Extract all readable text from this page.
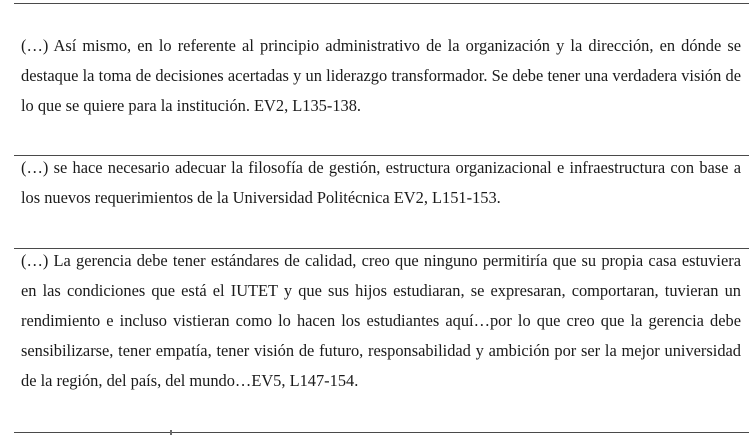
(…) Así mismo, en lo referente al principio administrativo de la organización y la dirección, en dónde se destaque la toma de decisiones acertadas y un liderazgo transformador. Se debe tener una verdadera visión de lo que se quiere para la institución. EV2, L135-138.

(…) se hace necesario adecuar la filosofía de gestión, estructura organizacional e infraestructura con base a los nuevos requerimientos de la Universidad Politécnica EV2, L151-153.

(…) La gerencia debe tener estándares de calidad, creo que ninguno permitiría que su propia casa estuviera en las condiciones que está el IUTET y que sus hijos estudiaran, se expresaran, comportaran, tuvieran un rendimiento e incluso vistieran como lo hacen los estudiantes aquí…por lo que creo que la gerencia debe sensibilizarse, tener empatía, tener visión de futuro, responsabilidad y ambición por ser la mejor universidad de la región, del país, del mundo…EV5, L147-154.
